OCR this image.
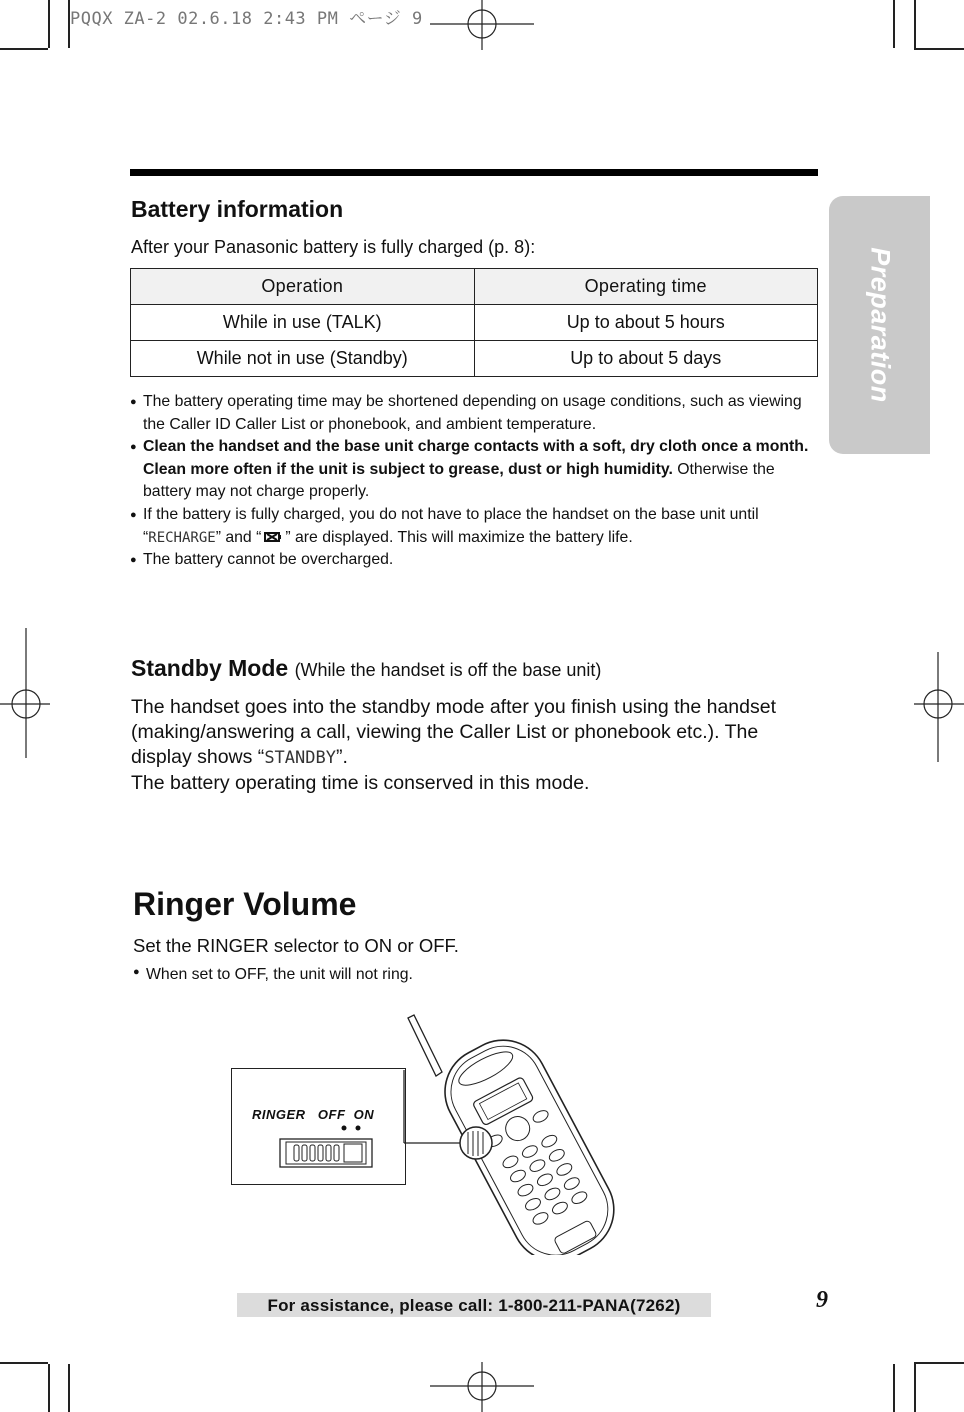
PQQX ZA-2 02.6.18 2:43 PM ページ 9
Preparation
Battery information
After your Panasonic battery is fully charged (p. 8):
Operation	Operating time
While in use (TALK)	Up to about 5 hours
While not in use (Standby)	Up to about 5 days
● The battery operating time may be shortened depending on usage conditions, such as viewing the Caller ID Caller List or phonebook, and ambient temperature.
● Clean the handset and the base unit charge contacts with a soft, dry cloth once a month. Clean more often if the unit is subject to grease, dust or high humidity. Otherwise the battery may not charge properly.
● If the battery is fully charged, you do not have to place the handset on the base unit until “RECHARGE” and “ ” are displayed. This will maximize the battery life.
● The battery cannot be overcharged.
Standby Mode (While the handset is off the base unit)
The handset goes into the standby mode after you finish using the handset (making/answering a call, viewing the Caller List or phonebook etc.). The display shows “STANDBY”.
The battery operating time is conserved in this mode.
Ringer Volume
Set the RINGER selector to ON or OFF.
● When set to OFF, the unit will not ring.
RINGER OFF ON
For assistance, please call: 1-800-211-PANA(7262)	9
